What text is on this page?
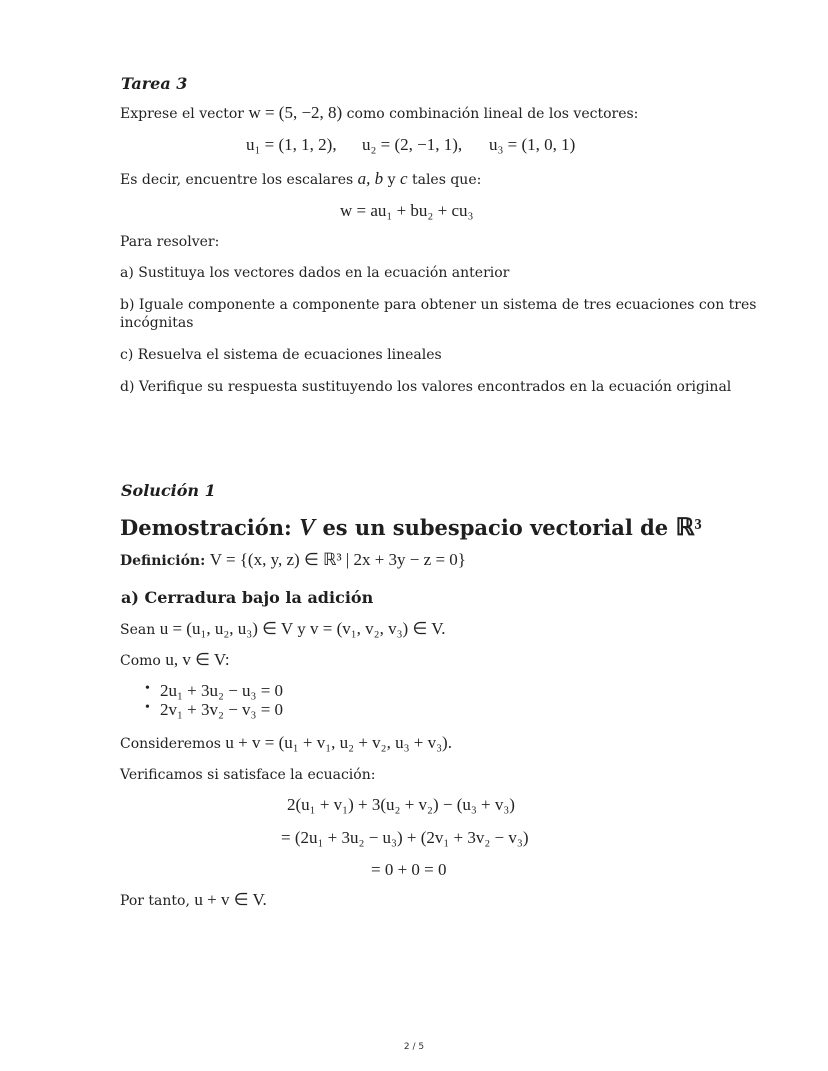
Tarea 3
Exprese el vector w = (5, −2, 8) como combinación lineal de los vectores:
u₁ = (1, 1, 2), u₂ = (2, −1, 1), u₃ = (1, 0, 1)
Es decir, encuentre los escalares a, b y c tales que:
w = au₁ + bu₂ + cu₃
Para resolver:
a) Sustituya los vectores dados en la ecuación anterior
b) Iguale componente a componente para obtener un sistema de tres ecuaciones con tres
incógnitas
c) Resuelva el sistema de ecuaciones lineales
d) Verifique su respuesta sustituyendo los valores encontrados en la ecuación original
Solución 1
Demostración: V es un subespacio vectorial de ℝ³
Definición: V = {(x, y, z) ∈ ℝ³ | 2x + 3y − z = 0}
a) Cerradura bajo la adición
Sean u = (u₁, u₂, u₃) ∈ V y v = (v₁, v₂, v₃) ∈ V.
Como u, v ∈ V:
• 2u₁ + 3u₂ − u₃ = 0
• 2v₁ + 3v₂ − v₃ = 0
Consideremos u + v = (u₁ + v₁, u₂ + v₂, u₃ + v₃).
Verificamos si satisface la ecuación:
2(u₁ + v₁) + 3(u₂ + v₂) − (u₃ + v₃)
= (2u₁ + 3u₂ − u₃) + (2v₁ + 3v₂ − v₃)
= 0 + 0 = 0
Por tanto, u + v ∈ V.
2 / 5
